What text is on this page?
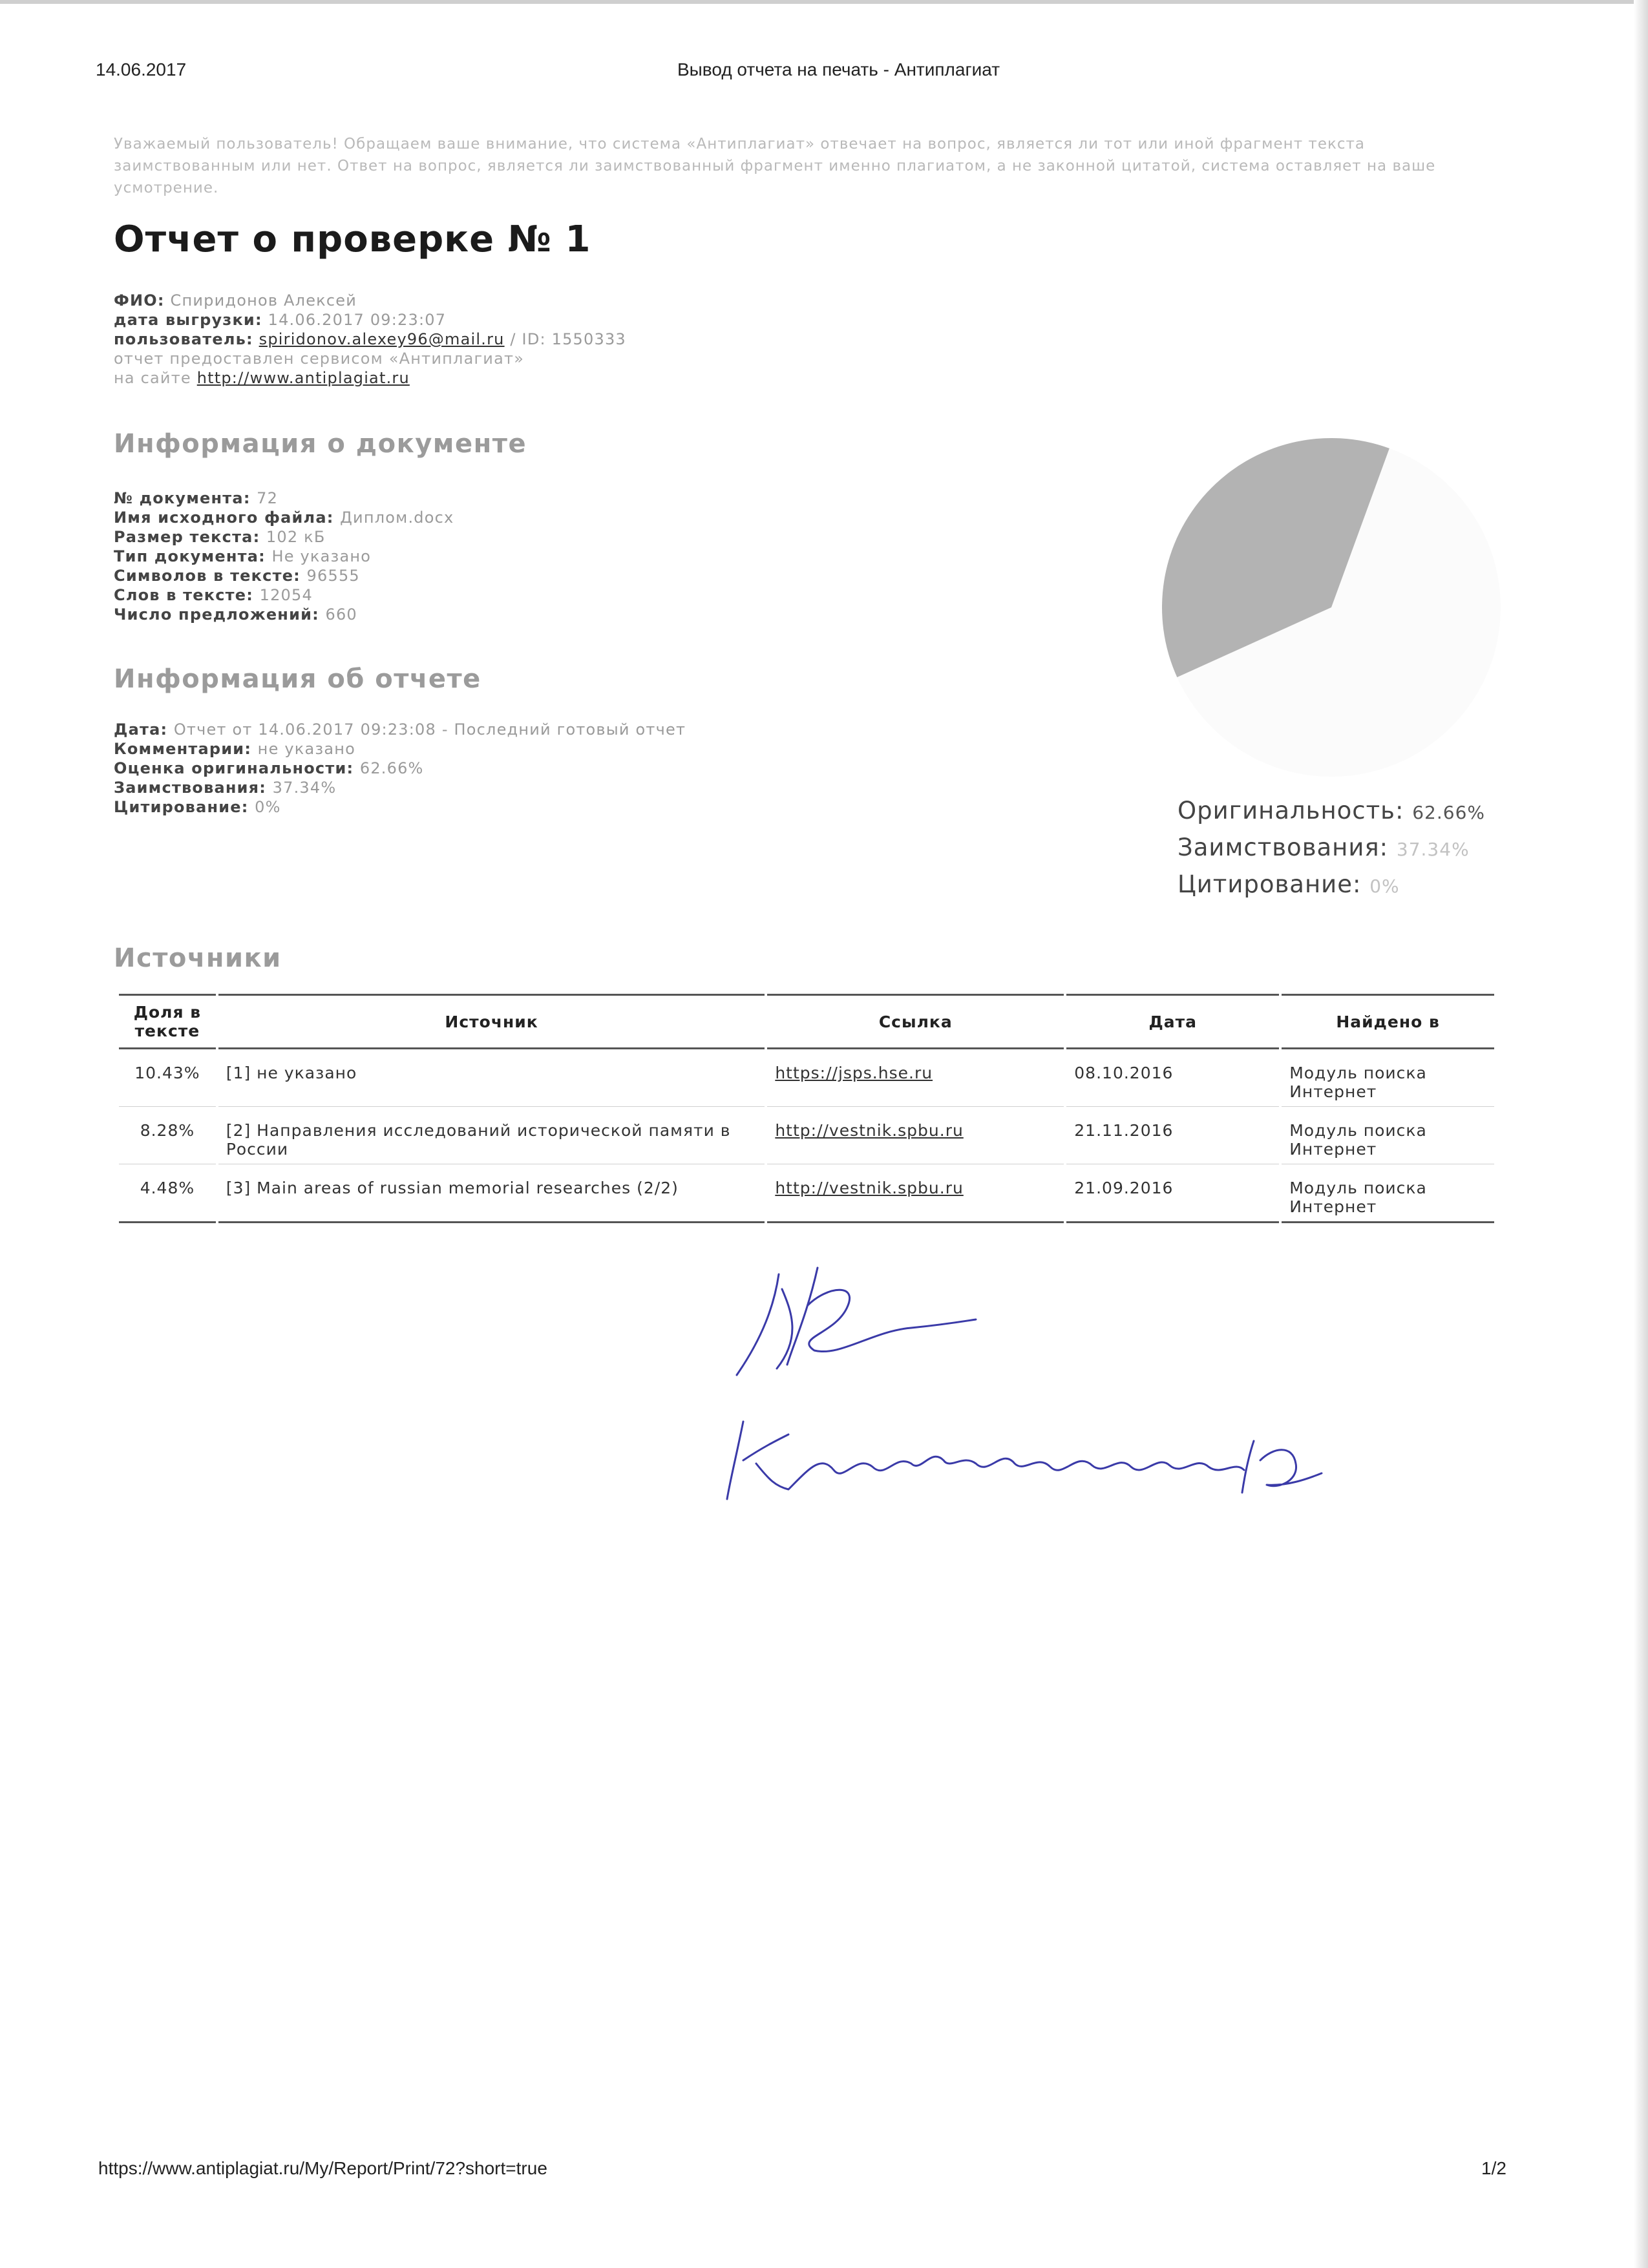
14.06.2017	Вывод отчета на печать - Антиплагиат
Уважаемый пользователь! Обращаем ваше внимание, что система «Антиплагиат» отвечает на вопрос, является ли тот или иной фрагмент текста заимствованным или нет. Ответ на вопрос, является ли заимствованный фрагмент именно плагиатом, а не законной цитатой, система оставляет на ваше усмотрение.
Отчет о проверке № 1
ФИО: Спиридонов Алексей
дата выгрузки: 14.06.2017 09:23:07
пользователь: spiridonov.alexey96@mail.ru / ID: 1550333
отчет предоставлен сервисом «Антиплагиат»
на сайте http://www.antiplagiat.ru
Информация о документе
№ документа: 72
Имя исходного файла: Диплом.docx
Размер текста: 102 кБ
Тип документа: Не указано
Символов в тексте: 96555
Слов в тексте: 12054
Число предложений: 660
Информация об отчете
Дата: Отчет от 14.06.2017 09:23:08 - Последний готовый отчет
Комментарии: не указано
Оценка оригинальности: 62.66%
Заимствования: 37.34%
Цитирование: 0%	Оригинальность: 62.66%
Заимствования: 37.34%
Цитирование: 0%
Источники
Доля в тексте	Источник	Ссылка	Дата	Найдено в
10.43%	[1] не указано	https://jsps.hse.ru	08.10.2016	Модуль поиска Интернет
8.28%	[2] Направления исследований исторической памяти в России	http://vestnik.spbu.ru	21.11.2016	Модуль поиска Интернет
4.48%	[3] Main areas of russian memorial researches (2/2)	http://vestnik.spbu.ru	21.09.2016	Модуль поиска Интернет
https://www.antiplagiat.ru/My/Report/Print/72?short=true	1/2
